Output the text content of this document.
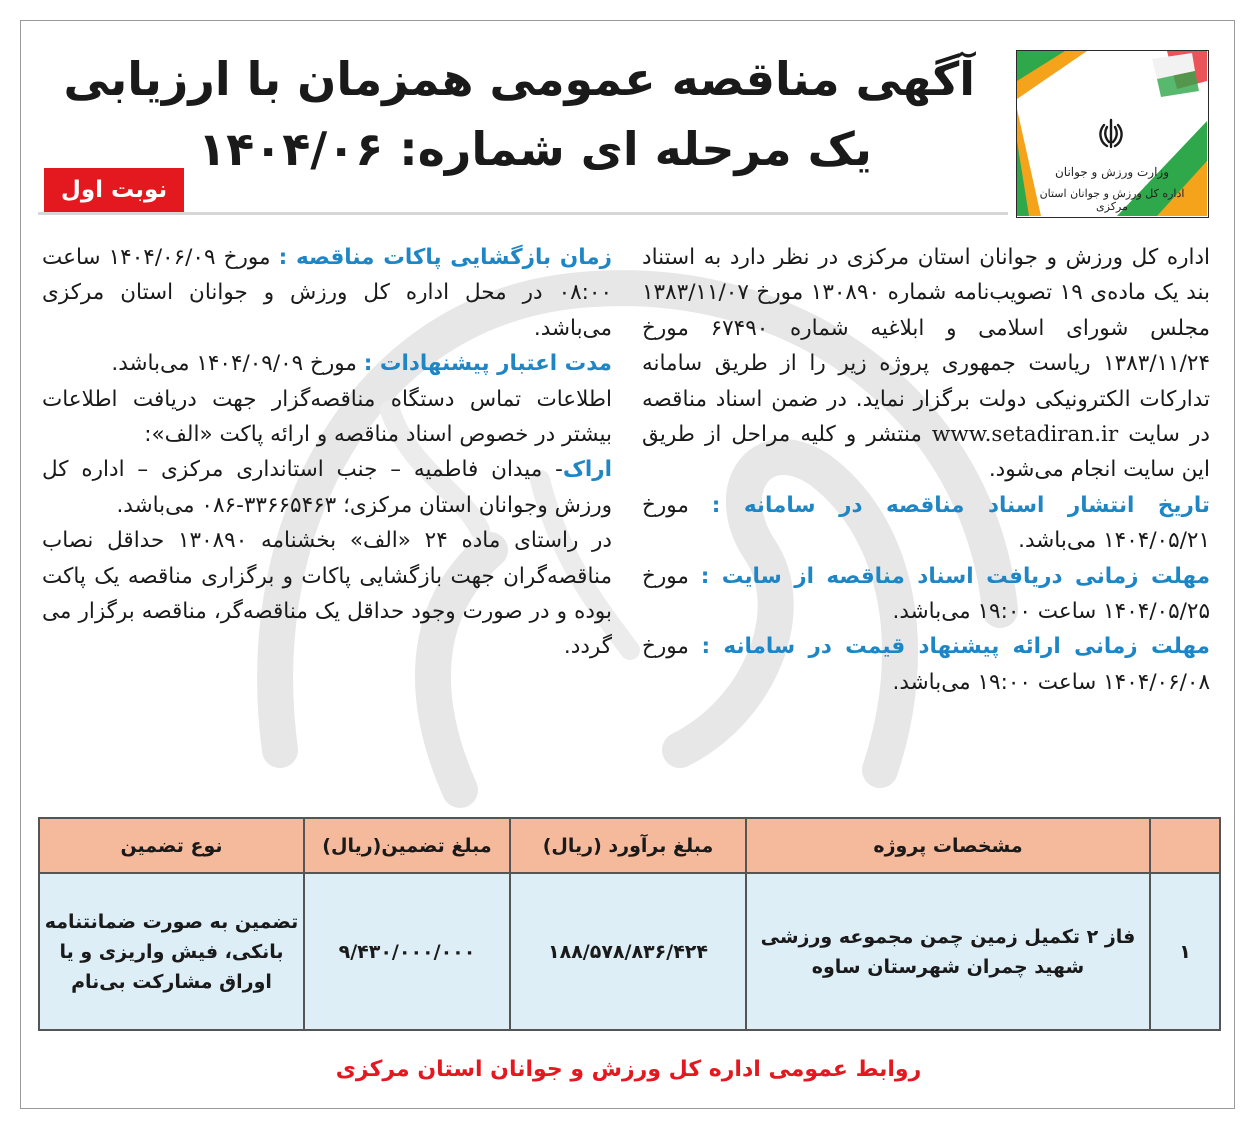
وزارت ورزش و جوانان
اداره کل ورزش و جوانان استان مرکزی
آگهی مناقصه عمومی همزمان با ارزیابی
یک مرحله ای شماره: ۱۴۰۴/۰۶
نوبت اول

اداره کل ورزش و جوانان استان مرکزی در نظر دارد به استناد بند یک ماده‌ی ۱۹ تصویب‌نامه شماره ۱۳۰۸۹۰ مورخ ۱۳۸۳/۱۱/۰۷ مجلس شورای اسلامی و ابلاغیه شماره ۶۷۴۹۰ مورخ ۱۳۸۳/۱۱/۲۴ ریاست جمهوری پروژه زیر را از طریق سامانه تدارکات الکترونیکی دولت برگزار نماید. در ضمن اسناد مناقصه در سایت www.setadiran.ir منتشر و کلیه مراحل از طریق این سایت انجام می‌شود.

تاریخ انتشار اسناد مناقصه در سامانه : مورخ ۱۴۰۴/۰۵/۲۱ می‌باشد.

مهلت زمانی دریافت اسناد مناقصه از سایت : مورخ ۱۴۰۴/۰۵/۲۵ ساعت ۱۹:۰۰ می‌باشد.

مهلت زمانی ارائه پیشنهاد قیمت در سامانه : مورخ ۱۴۰۴/۰۶/۰۸ ساعت ۱۹:۰۰ می‌باشد.

زمان بازگشایی پاکات مناقصه : مورخ ۱۴۰۴/۰۶/۰۹ ساعت ۰۸:۰۰ در محل اداره کل ورزش و جوانان استان مرکزی می‌باشد.

مدت اعتبار پیشنهادات : مورخ ۱۴۰۴/۰۹/۰۹ می‌باشد.

اطلاعات تماس دستگاه مناقصه‌گزار جهت دریافت اطلاعات بیشتر در خصوص اسناد مناقصه و ارائه پاکت «الف»:

اراک- میدان فاطمیه – جنب استانداری مرکزی – اداره کل ورزش وجوانان استان مرکزی؛ ۳۳۶۶۵۴۶۳-۰۸۶ می‌باشد.

در راستای ماده ۲۴ «الف» بخشنامه ۱۳۰۸۹۰ حداقل نصاب مناقصه‌گران جهت بازگشایی پاکات و برگزاری مناقصه یک پاکت بوده و در صورت وجود حداقل یک مناقصه‌گر، مناقصه برگزار می گردد.

	مشخصات پروژه	مبلغ برآورد (ریال)	مبلغ تضمین(ریال)	نوع تضمین
۱	فاز ۲ تکمیل زمین چمن مجموعه ورزشی شهید چمران شهرستان ساوه	۱۸۸/۵۷۸/۸۳۶/۴۲۴	۹/۴۳۰/۰۰۰/۰۰۰	تضمین به صورت ضمانتنامه بانکی، فیش واریزی و یا اوراق مشارکت بی‌نام
روابط عمومی اداره کل ورزش و جوانان استان مرکزی
